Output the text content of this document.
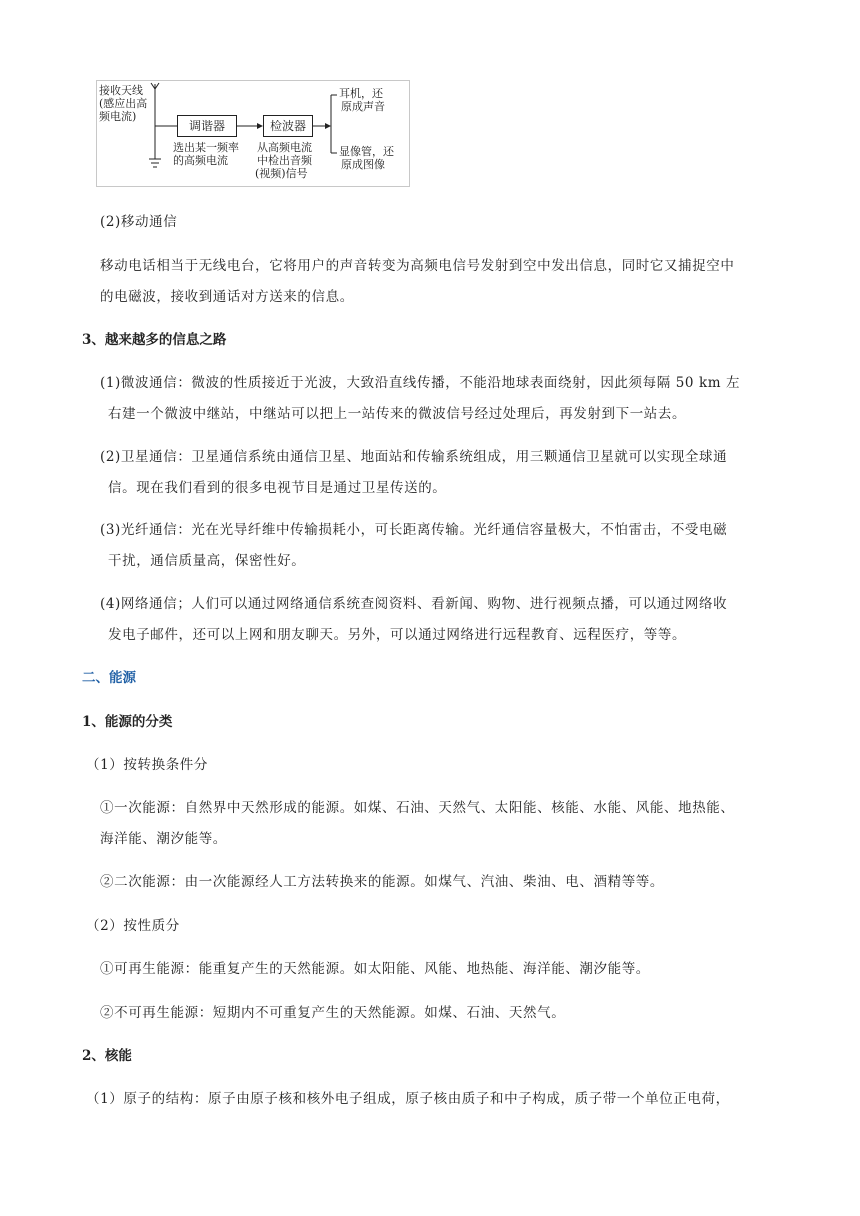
接收天线
(感应出高
频电流)
调谐器
选出某一频率
的高频电流
检波器
从高频电流
中检出音频
(视频)信号
耳机，还
原成声音
显像管，还
原成图像
(2)移动通信
移动电话相当于无线电台，它将用户的声音转变为高频电信号发射到空中发出信息，同时它又捕捉空中
的电磁波，接收到通话对方送来的信息。
3、越来越多的信息之路
(1)微波通信：微波的性质接近于光波，大致沿直线传播，不能沿地球表面绕射，因此须每隔 50 km 左
右建一个微波中继站，中继站可以把上一站传来的微波信号经过处理后，再发射到下一站去。
(2)卫星通信：卫星通信系统由通信卫星、地面站和传输系统组成，用三颗通信卫星就可以实现全球通
信。现在我们看到的很多电视节目是通过卫星传送的。
(3)光纤通信：光在光导纤维中传输损耗小，可长距离传输。光纤通信容量极大，不怕雷击，不受电磁
干扰，通信质量高，保密性好。
(4)网络通信；人们可以通过网络通信系统查阅资料、看新闻、购物、进行视频点播，可以通过网络收
发电子邮件，还可以上网和朋友聊天。另外，可以通过网络进行远程教育、远程医疗，等等。
二、能源
1、能源的分类
（1）按转换条件分
①一次能源：自然界中天然形成的能源。如煤、石油、天然气、太阳能、核能、水能、风能、地热能、
海洋能、潮汐能等。
②二次能源：由一次能源经人工方法转换来的能源。如煤气、汽油、柴油、电、酒精等等。
（2）按性质分
①可再生能源：能重复产生的天然能源。如太阳能、风能、地热能、海洋能、潮汐能等。
②不可再生能源：短期内不可重复产生的天然能源。如煤、石油、天然气。
2、核能
（1）原子的结构：原子由原子核和核外电子组成，原子核由质子和中子构成，质子带一个单位正电荷，
